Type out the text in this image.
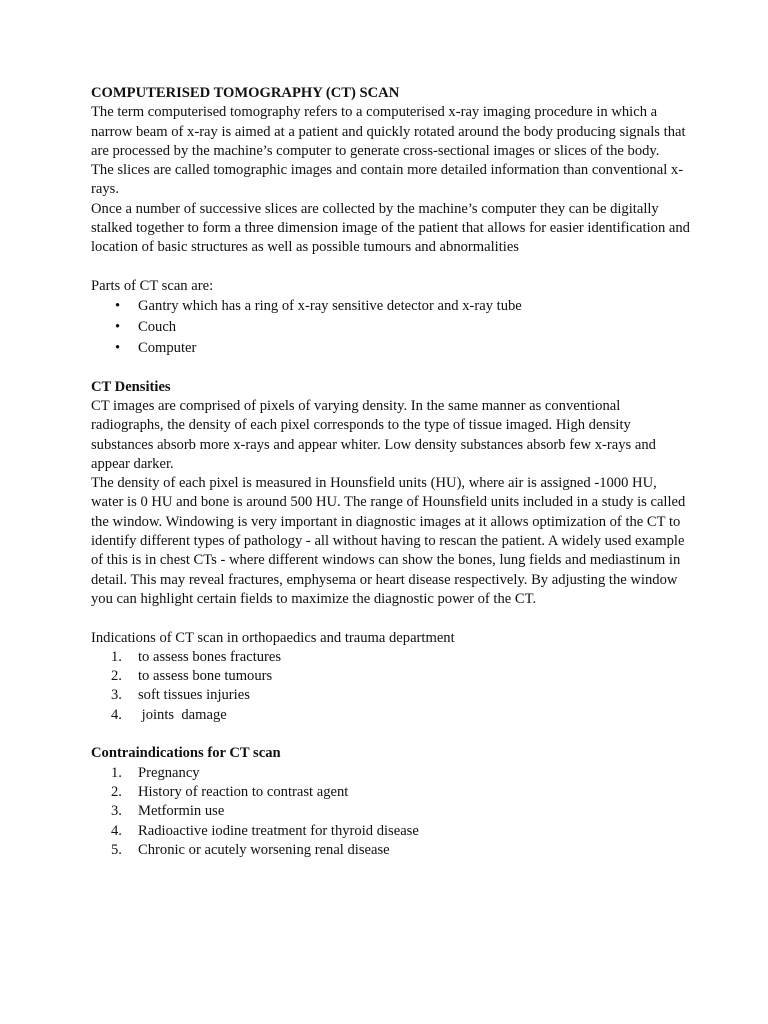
COMPUTERISED TOMOGRAPHY (CT) SCAN

The term computerised tomography refers to a computerised x-ray imaging procedure in which a narrow beam of x-ray is aimed at a patient and quickly rotated around the body producing signals that are processed by the machine’s computer to generate cross-sectional images or slices of the body.

The slices are called tomographic images and contain more detailed information than conventional x-rays.

Once a number of successive slices are collected by the machine’s computer they can be digitally stalked together to form a three dimension image of the patient that allows for easier identification and location of basic structures as well as possible tumours and abnormalities

Parts of CT scan are:

• Gantry which has a ring of x-ray sensitive detector and x-ray tube
• Couch
• Computer

CT Densities

CT images are comprised of pixels of varying density. In the same manner as conventional radiographs, the density of each pixel corresponds to the type of tissue imaged. High density substances absorb more x-rays and appear whiter. Low density substances absorb few x-rays and appear darker.

The density of each pixel is measured in Hounsfield units (HU), where air is assigned -1000 HU, water is 0 HU and bone is around 500 HU. The range of Hounsfield units included in a study is called the window. Windowing is very important in diagnostic images at it allows optimization of the CT to identify different types of pathology - all without having to rescan the patient. A widely used example of this is in chest CTs - where different windows can show the bones, lung fields and mediastinum in detail. This may reveal fractures, emphysema or heart disease respectively. By adjusting the window you can highlight certain fields to maximize the diagnostic power of the CT.

Indications of CT scan in orthopaedics and trauma department

1. to assess bones fractures
2. to assess bone tumours
3. soft tissues injuries
4. joints  damage

Contraindications for CT scan

1. Pregnancy
2. History of reaction to contrast agent
3. Metformin use
4. Radioactive iodine treatment for thyroid disease
5. Chronic or acutely worsening renal disease
